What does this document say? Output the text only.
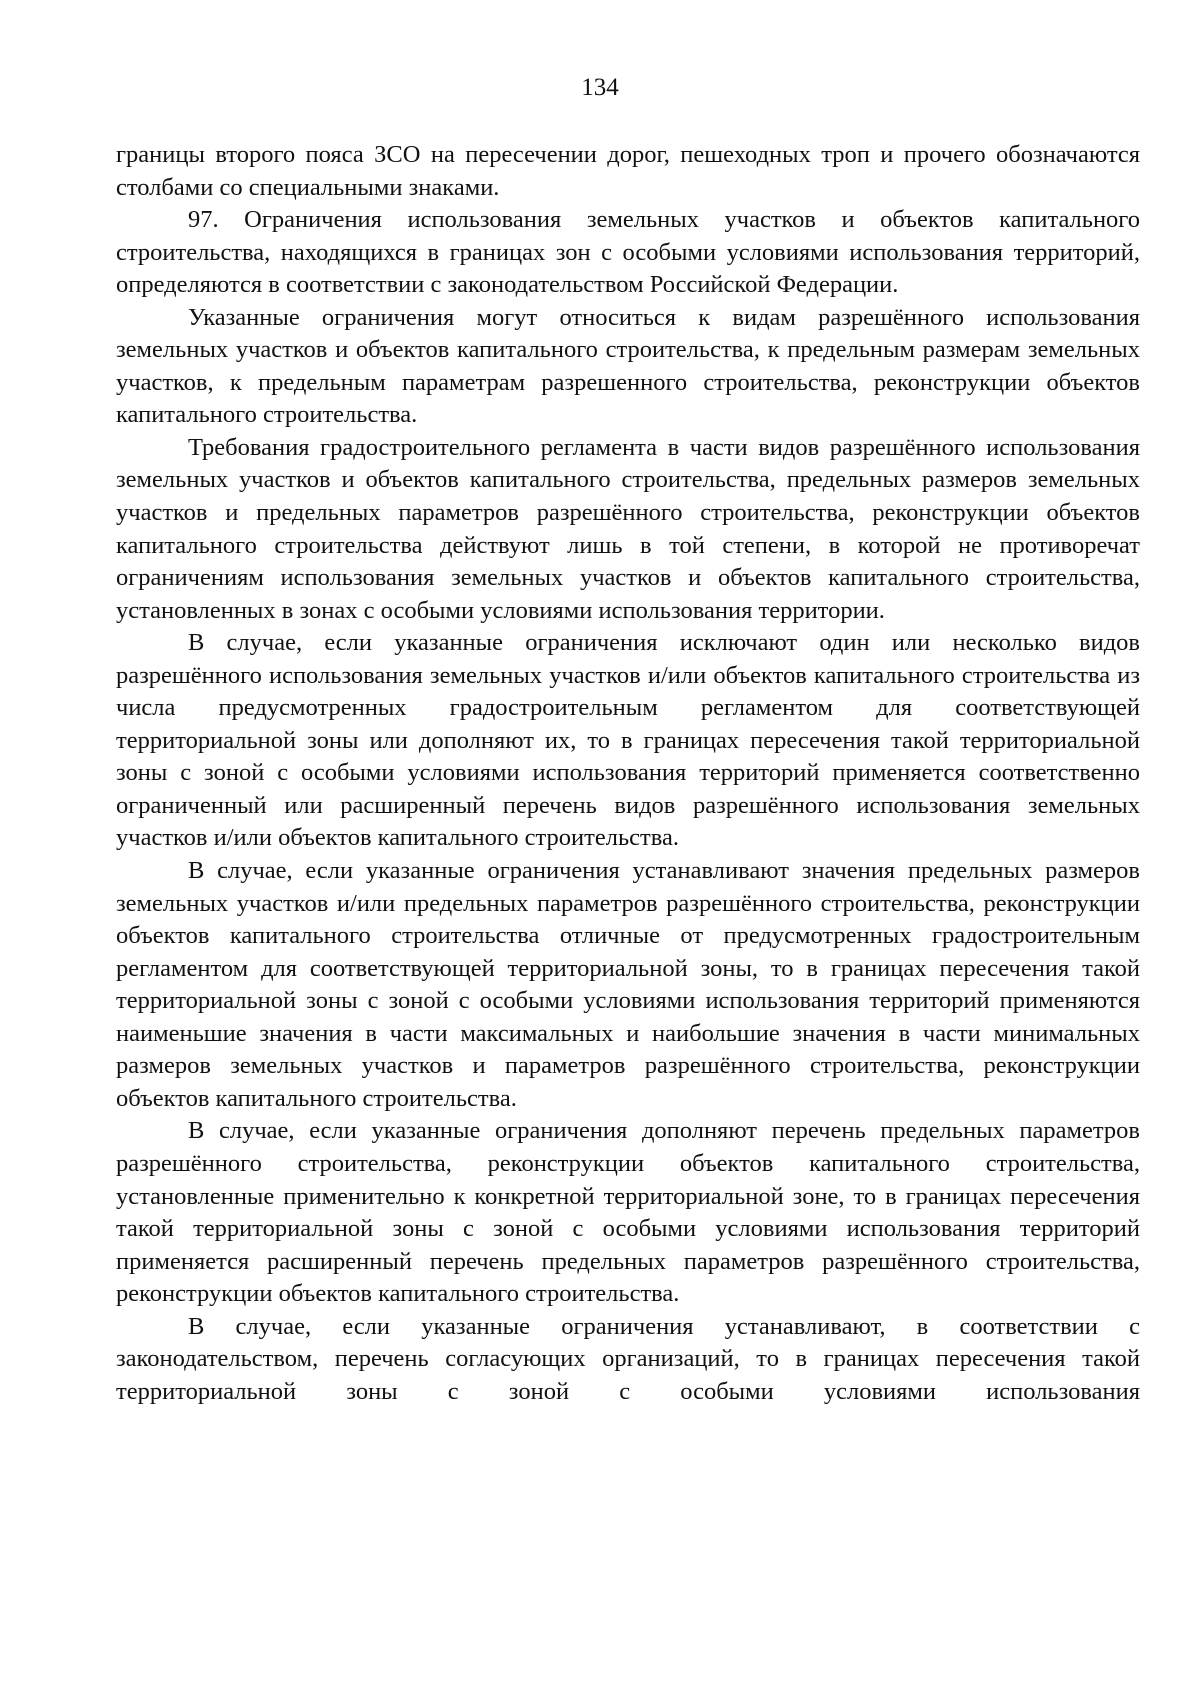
134

границы второго пояса ЗСО на пересечении дорог, пешеходных троп и прочего обозначаются столбами со специальными знаками.

97. Ограничения использования земельных участков и объектов капитального строительства, находящихся в границах зон с особыми условиями использования территорий, определяются в соответствии с законодательством Российской Федерации.

Указанные ограничения могут относиться к видам разрешённого использования земельных участков и объектов капитального строительства, к предельным размерам земельных участков, к предельным параметрам разрешенного строительства, реконструкции объектов капитального строительства.

Требования градостроительного регламента в части видов разрешённого использования земельных участков и объектов капитального строительства, предельных размеров земельных участков и предельных параметров разрешённого строительства, реконструкции объектов капитального строительства действуют лишь в той степени, в которой не противоречат ограничениям использования земельных участков и объектов капитального строительства, установленных в зонах с особыми условиями использования территории.

В случае, если указанные ограничения исключают один или несколько видов разрешённого использования земельных участков и/или объектов капитального строительства из числа предусмотренных градостроительным регламентом для соответствующей территориальной зоны или дополняют их, то в границах пересечения такой территориальной зоны с зоной с особыми условиями использования территорий применяется соответственно ограниченный или расширенный перечень видов разрешённого использования земельных участков и/или объектов капитального строительства.

В случае, если указанные ограничения устанавливают значения предельных размеров земельных участков и/или предельных параметров разрешённого строительства, реконструкции объектов капитального строительства отличные от предусмотренных градостроительным регламентом для соответствующей территориальной зоны, то в границах пересечения такой территориальной зоны с зоной с особыми условиями использования территорий применяются наименьшие значения в части максимальных и наибольшие значения в части минимальных размеров земельных участков и параметров разрешённого строительства, реконструкции объектов капитального строительства.

В случае, если указанные ограничения дополняют перечень предельных параметров разрешённого строительства, реконструкции объектов капитального строительства, установленные применительно к конкретной территориальной зоне, то в границах пересечения такой территориальной зоны с зоной с особыми условиями использования территорий применяется расширенный перечень предельных параметров разрешённого строительства, реконструкции объектов капитального строительства.

В случае, если указанные ограничения устанавливают, в соответствии с законодательством, перечень согласующих организаций, то в границах пересечения такой территориальной зоны с зоной с особыми условиями использования
